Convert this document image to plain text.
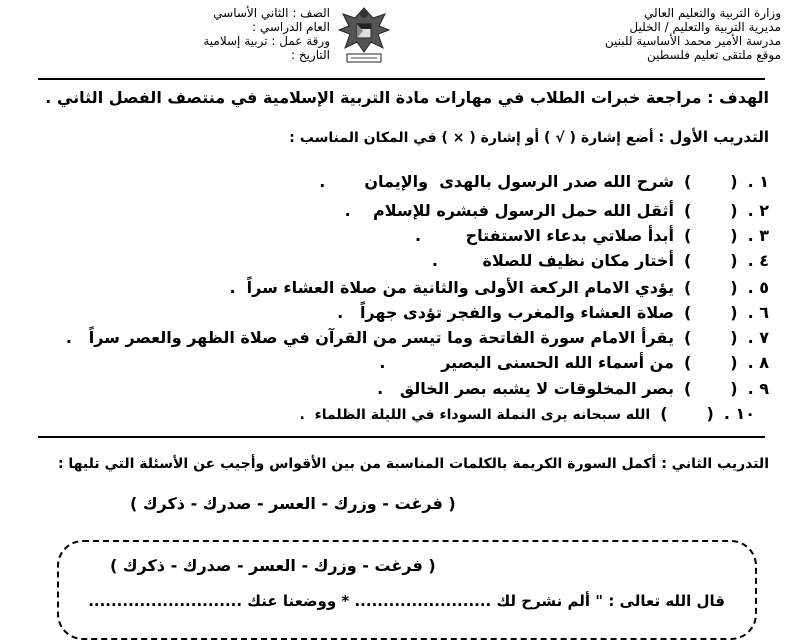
وزارة التربية والتعليم العالي
مديرية التربية والتعليم / الخليل
مدرسة الأمير محمد الأساسية للبنين
موقع ملتقى تعليم فلسطين
الصف : الثاني الأساسي
العام الدراسي :
ورقة عمل : تربية إسلامية
التاريخ :
الهدف : مراجعة خبرات الطلاب في مهارات مادة التربية الإسلامية في منتصف الفصل الثاني .
التدريب الأول : أضع إشارة ( √ ) أو إشارة ( × ) في المكان المناسب :
١ .(       )شرح الله صدر الرسول بالهدى  والإيمان       .
٢ .(       )أثقل الله حمل الرسول فبشره للإسلام    .
٣ .(       )أبدأ صلاتي بدعاء الاستفتاح        .
٤ .(       )أختار مكان نظيف للصلاة        .
٥ .(       )يؤدي الامام الركعة الأولى والثانية من صلاة العشاء سراً  .
٦ .(       )صلاة العشاء والمغرب والفجر تؤدى جهراً   .
٧ .(       )يقرأ الامام سورة الفاتحة وما تيسر من القرآن في صلاة الظهر والعصر سراً   .
٨ .(       )من أسماء الله الحسنى البصير          .
٩ .(       )بصر المخلوقات لا يشبه بصر الخالق   .
١٠ .(       )الله سبحانه يرى النملة السوداء في الليلة الظلماء  .
التدريب الثاني : أكمل السورة الكريمة بالكلمات المناسبة من بين الأقواس وأجيب عن الأسئلة التي تليها :
( فرغت - وزرك - العسر - صدرك - ذكرك )
( فرغت - وزرك - العسر - صدرك - ذكرك )
قال الله تعالى : " ألم نشرح لك ........................ * ووضعنا عنك ...........................
